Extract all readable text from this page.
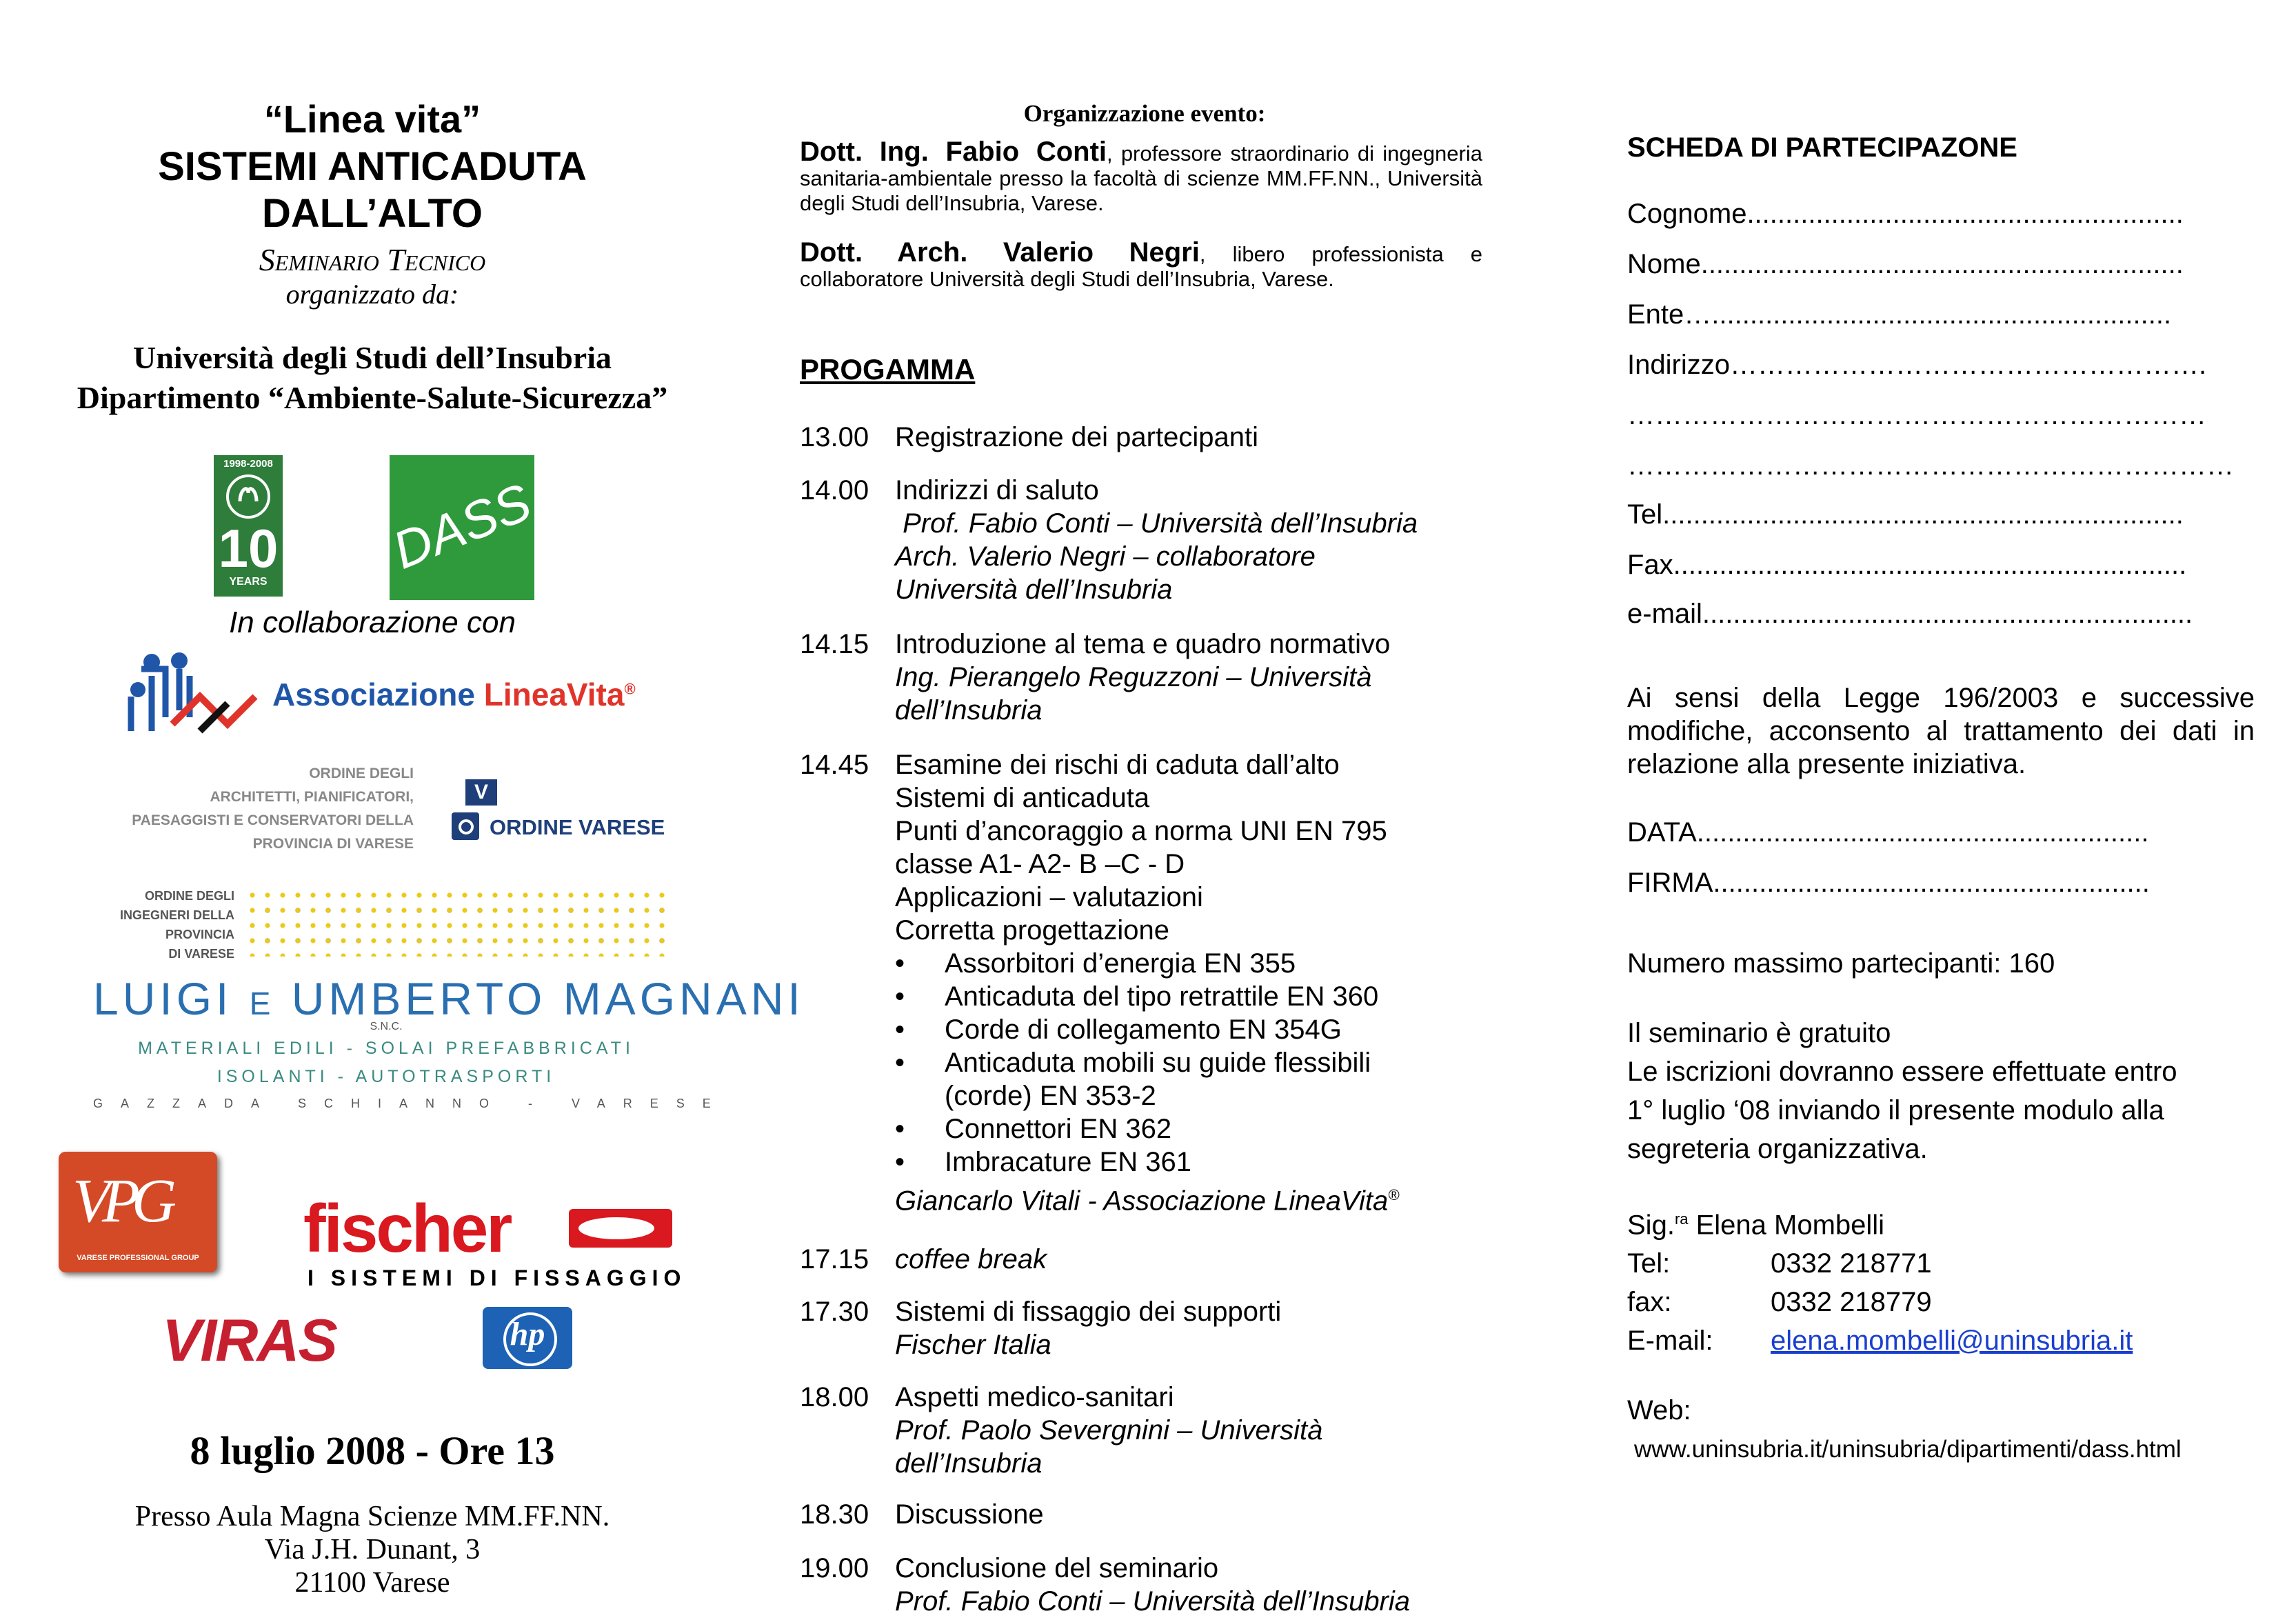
“Linea vita”
SISTEMI ANTICADUTA
DALL’ALTO
Seminario Tecnico
organizzato da:
Università degli Studi dell’Insubria
Dipartimento “Ambiente-Salute-Sicurezza”
1998-2008
10
YEARS
DASS
In collaborazione con
Associazione LineaVita®
ORDINE DEGLI
ARCHITETTI, PIANIFICATORI,
PAESAGGISTI E CONSERVATORI DELLA
PROVINCIA DI VARESE
V
ORDINE VARESE
ORDINE DEGLI
INGEGNERI DELLA
PROVINCIA
DI VARESE
LUIGI e UMBERTO MAGNANI
S.N.C.
MATERIALI EDILI - SOLAI PREFABBRICATI
ISOLANTI - AUTOTRASPORTI
GAZZADA SCHIANNO - VARESE
VPG
VARESE PROFESSIONAL GROUP fischer
I SISTEMI DI FISSAGGIO
VIRAS	hp
8 luglio 2008 - Ore 13
Presso Aula Magna Scienze MM.FF.NN.
Via J.H. Dunant, 3
21100 Varese
Organizzazione evento:
Dott. Ing. Fabio Conti, professore straordinario di ingegneria sanitaria-ambientale presso la facoltà di scienze MM.FF.NN., Università degli Studi dell’Insubria, Varese.
Dott. Arch. Valerio Negri, libero professionista e collaboratore Università degli Studi dell’Insubria, Varese.
PROGAMMA
13.00 Registrazione dei partecipanti
14.00 Indirizzi di saluto
Prof. Fabio Conti – Università dell’Insubria
Arch. Valerio Negri – collaboratore
Università dell’Insubria
14.15 Introduzione al tema e quadro normativo
Ing. Pierangelo Reguzzoni – Università
dell’Insubria
14.45 Esamine dei rischi di caduta dall’alto
Sistemi di anticaduta
Punti d’ancoraggio a norma UNI EN 795
classe A1- A2- B –C - D
Applicazioni – valutazioni
Corretta progettazione
• Assorbitori d’energia EN 355
• Anticaduta del tipo retrattile EN 360
• Corde di collegamento EN 354G
• Anticaduta mobili su guide flessibili
(corde) EN 353-2
• Connettori EN 362
• Imbracature EN 361
Giancarlo Vitali - Associazione LineaVita®
17.15 coffee break
17.30 Sistemi di fissaggio dei supporti
Fischer Italia
18.00 Aspetti medico-sanitari
Prof. Paolo Severgnini – Università
dell’Insubria
18.30 Discussione
19.00 Conclusione del seminario
Prof. Fabio Conti – Università dell’Insubria
SCHEDA DI PARTECIPAZONE
Cognome.........................................................
Nome...............................................................
Ente…............................................................
Indirizzo…………………………………………….
………………………………………………………
…………………………………………………………
Tel....................................................................
Fax...................................................................
e-mail................................................................
Ai sensi della Legge 196/2003 e successive modifiche, acconsento al trattamento dei dati in relazione alla presente iniziativa.
DATA...........................................................
FIRMA.........................................................
Numero massimo partecipanti: 160
Il seminario è gratuito
Le iscrizioni dovranno essere effettuate entro
1° luglio ‘08 inviando il presente modulo alla
segreteria organizzativa.
Sig.$^{ra}$ Elena Mombelli
Tel:	0332 218771
fax:	0332 218779
E-mail: elena.mombelli@uninsubria.it
Web:
www.uninsubria.it/uninsubria/dipartimenti/dass.html
